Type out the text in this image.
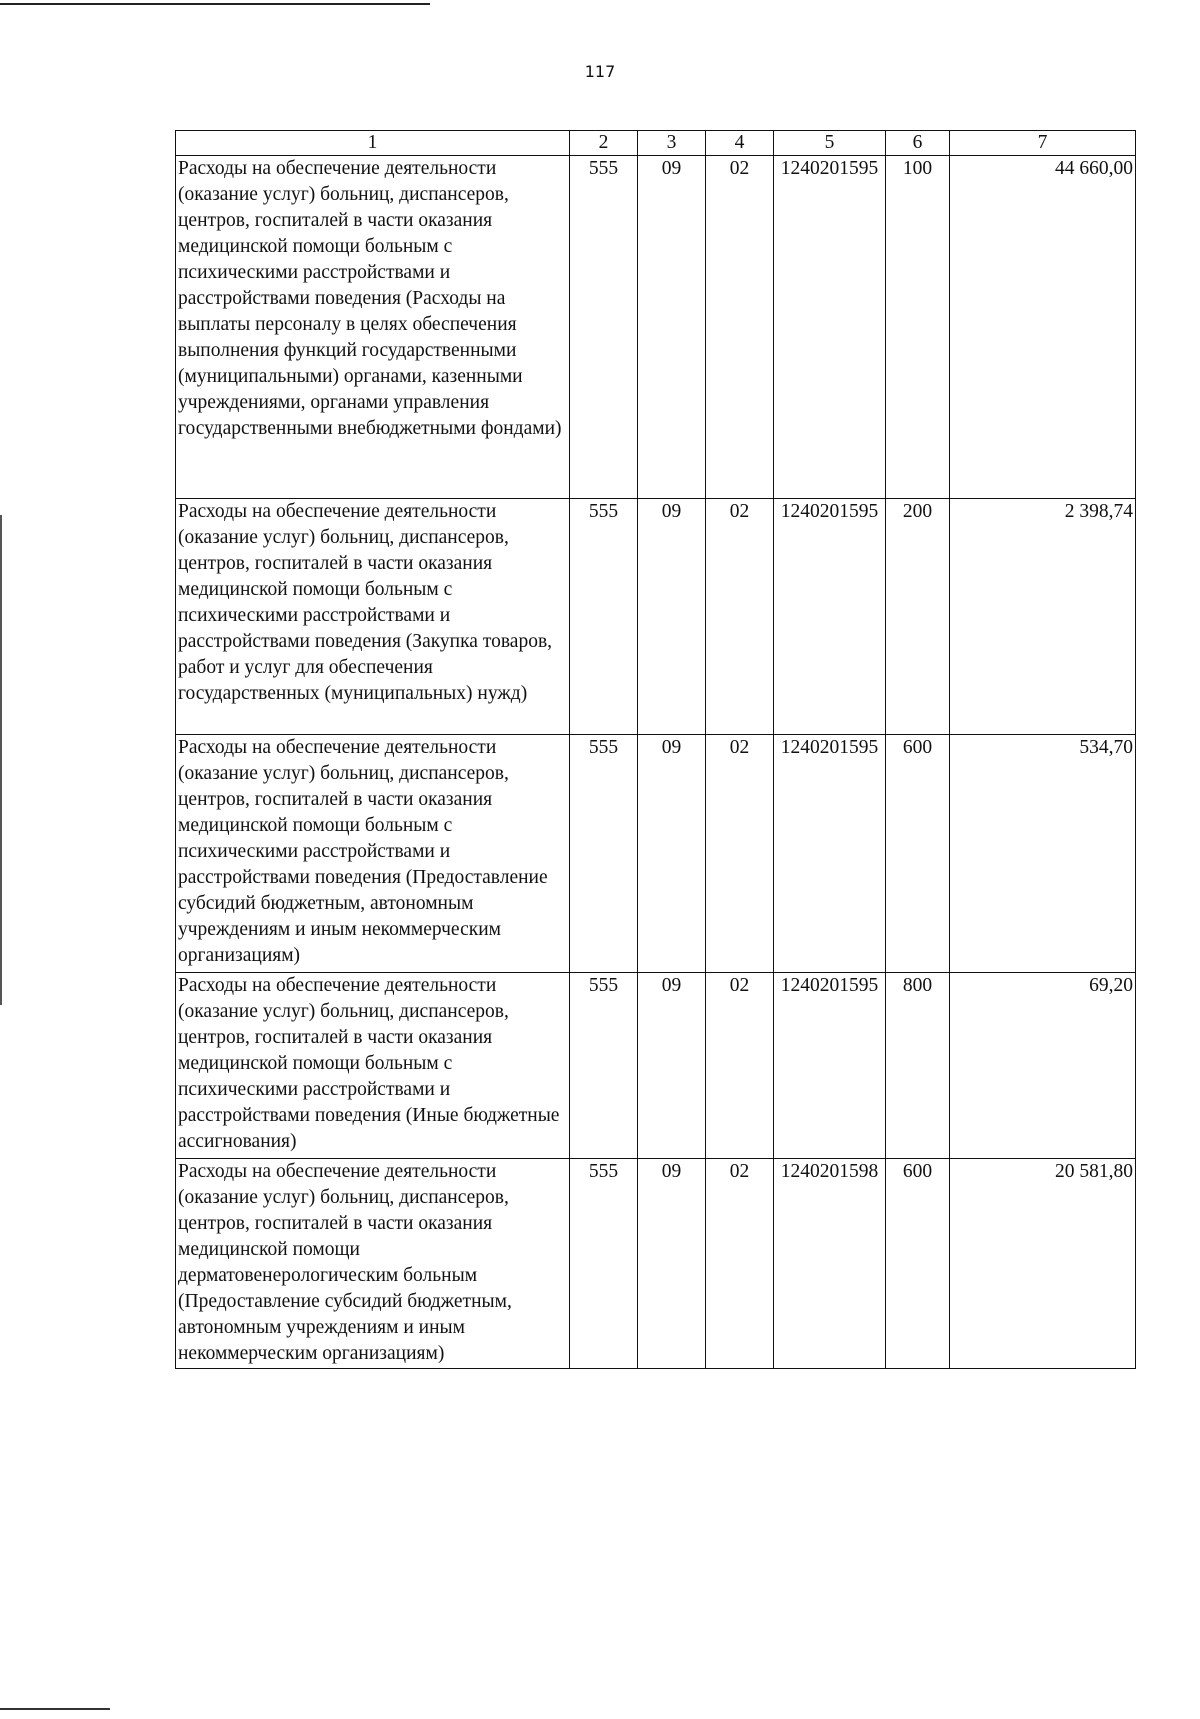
117
1	2	3	4	5	6	7
Расходы на обеспечение деятельности (оказание услуг) больниц, диспансеров, центров, госпиталей в части оказания медицинской помощи больным с психическими расстройствами и расстройствами поведения (Расходы на выплаты персоналу в целях обеспечения выполнения функций государственными (муниципальными) органами, казенными учреждениями, органами управления государственными внебюджетными фондами)	555	09	02	1240201595	100	44 660,00
Расходы на обеспечение деятельности (оказание услуг) больниц, диспансеров, центров, госпиталей в части оказания медицинской помощи больным с психическими расстройствами и расстройствами поведения (Закупка товаров, работ и услуг для обеспечения государственных (муниципальных) нужд)	555	09	02	1240201595	200	2 398,74
Расходы на обеспечение деятельности (оказание услуг) больниц, диспансеров, центров, госпиталей в части оказания медицинской помощи больным с психическими расстройствами и расстройствами поведения (Предоставление субсидий бюджетным, автономным учреждениям и иным некоммерческим организациям)	555	09	02	1240201595	600	534,70
Расходы на обеспечение деятельности (оказание услуг) больниц, диспансеров, центров, госпиталей в части оказания медицинской помощи больным с психическими расстройствами и расстройствами поведения (Иные бюджетные ассигнования)	555	09	02	1240201595	800	69,20
Расходы на обеспечение деятельности (оказание услуг) больниц, диспансеров, центров, госпиталей в части оказания медицинской помощи дерматовенерологическим больным (Предоставление субсидий бюджетным, автономным учреждениям и иным некоммерческим организациям)	555	09	02	1240201598	600	20 581,80
